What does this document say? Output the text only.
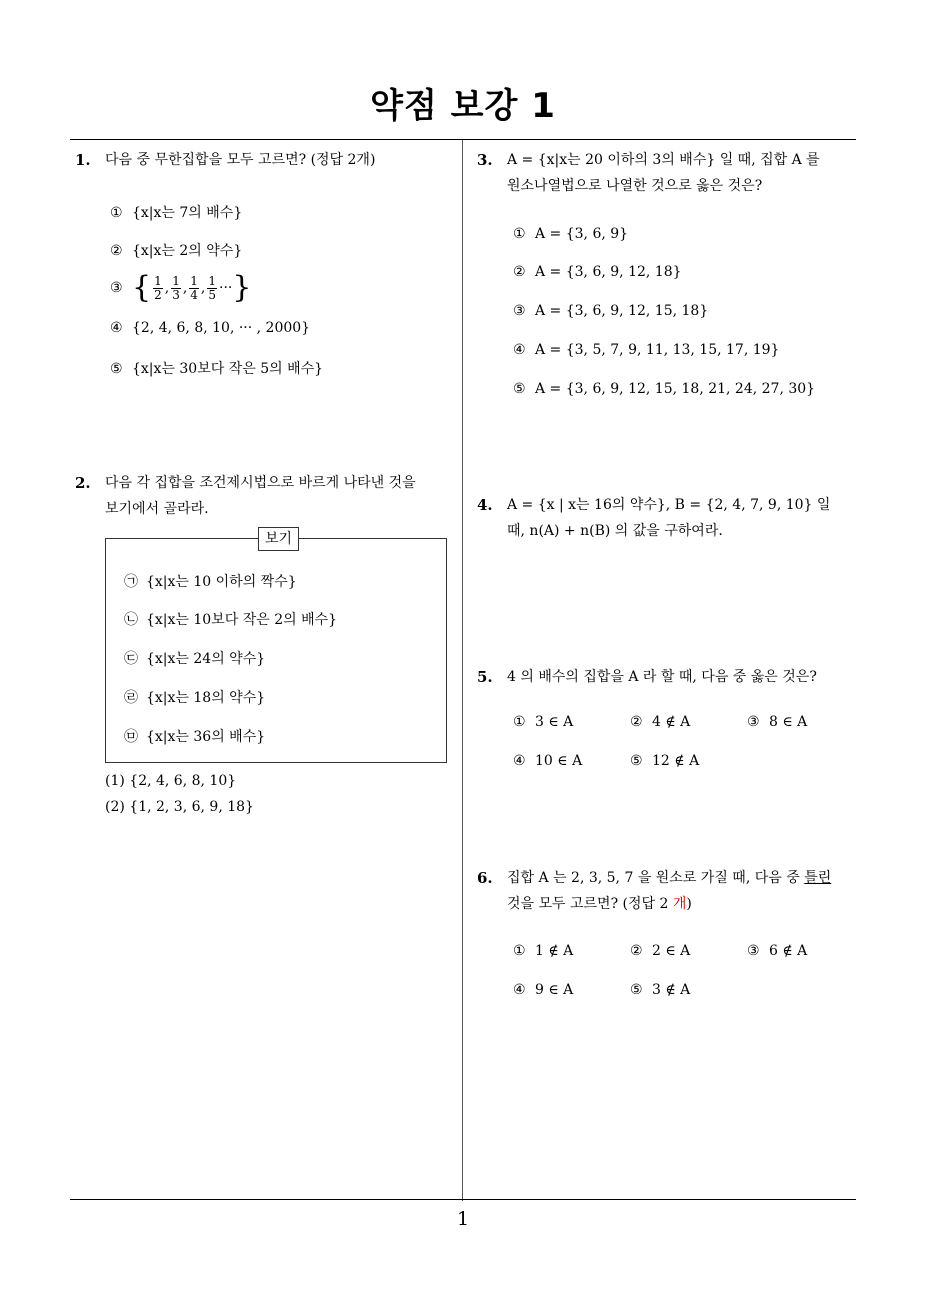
약점 보강 1
1
1. 다음 중 무한집합을 모두 고르면? (정답 2개)
① {x|x는 7의 배수}
② {x|x는 2의 약수}
③ { $\frac{1}{2}$ , $\frac{1}{3}$ , $\frac{1}{4}$ , $\frac{1}{5}$ ···}
④ {2, 4, 6, 8, 10, ··· , 2000}
⑤ {x|x는 30보다 작은 5의 배수}
2. 다음 각 집합을 조건제시법으로 바르게 나타낸 것을
보기에서 골라라.
보기
㉠ {x|x는 10 이하의 짝수}
㉡ {x|x는 10보다 작은 2의 배수}
㉢ {x|x는 24의 약수}
㉣ {x|x는 18의 약수}
㉤ {x|x는 36의 배수}
(1) {2, 4, 6, 8, 10}
(2) {1, 2, 3, 6, 9, 18}
3. A = {x|x는 20 이하의 3의 배수} 일 때, 집합 A 를
원소나열법으로 나열한 것으로 옳은 것은?
① A = {3, 6, 9}
② A = {3, 6, 9, 12, 18}
③ A = {3, 6, 9, 12, 15, 18}
④ A = {3, 5, 7, 9, 11, 13, 15, 17, 19}
⑤ A = {3, 6, 9, 12, 15, 18, 21, 24, 27, 30}
4. A = {x | x는 16의 약수}, B = {2, 4, 7, 9, 10} 일
때, n(A) + n(B) 의 값을 구하여라.
5. 4 의 배수의 집합을 A 라 할 때, 다음 중 옳은 것은?
① 3 ∈ A	② 4 ∉ A	③ 8 ∈ A
④ 10 ∈ A	⑤ 12 ∉ A
6. 집합 A 는 2, 3, 5, 7 을 원소로 가질 때, 다음 중 틀린
것을 모두 고르면? (정답 2 개)
① 1 ∉ A	② 2 ∈ A	③ 6 ∉ A
④ 9 ∈ A	⑤ 3 ∉ A
